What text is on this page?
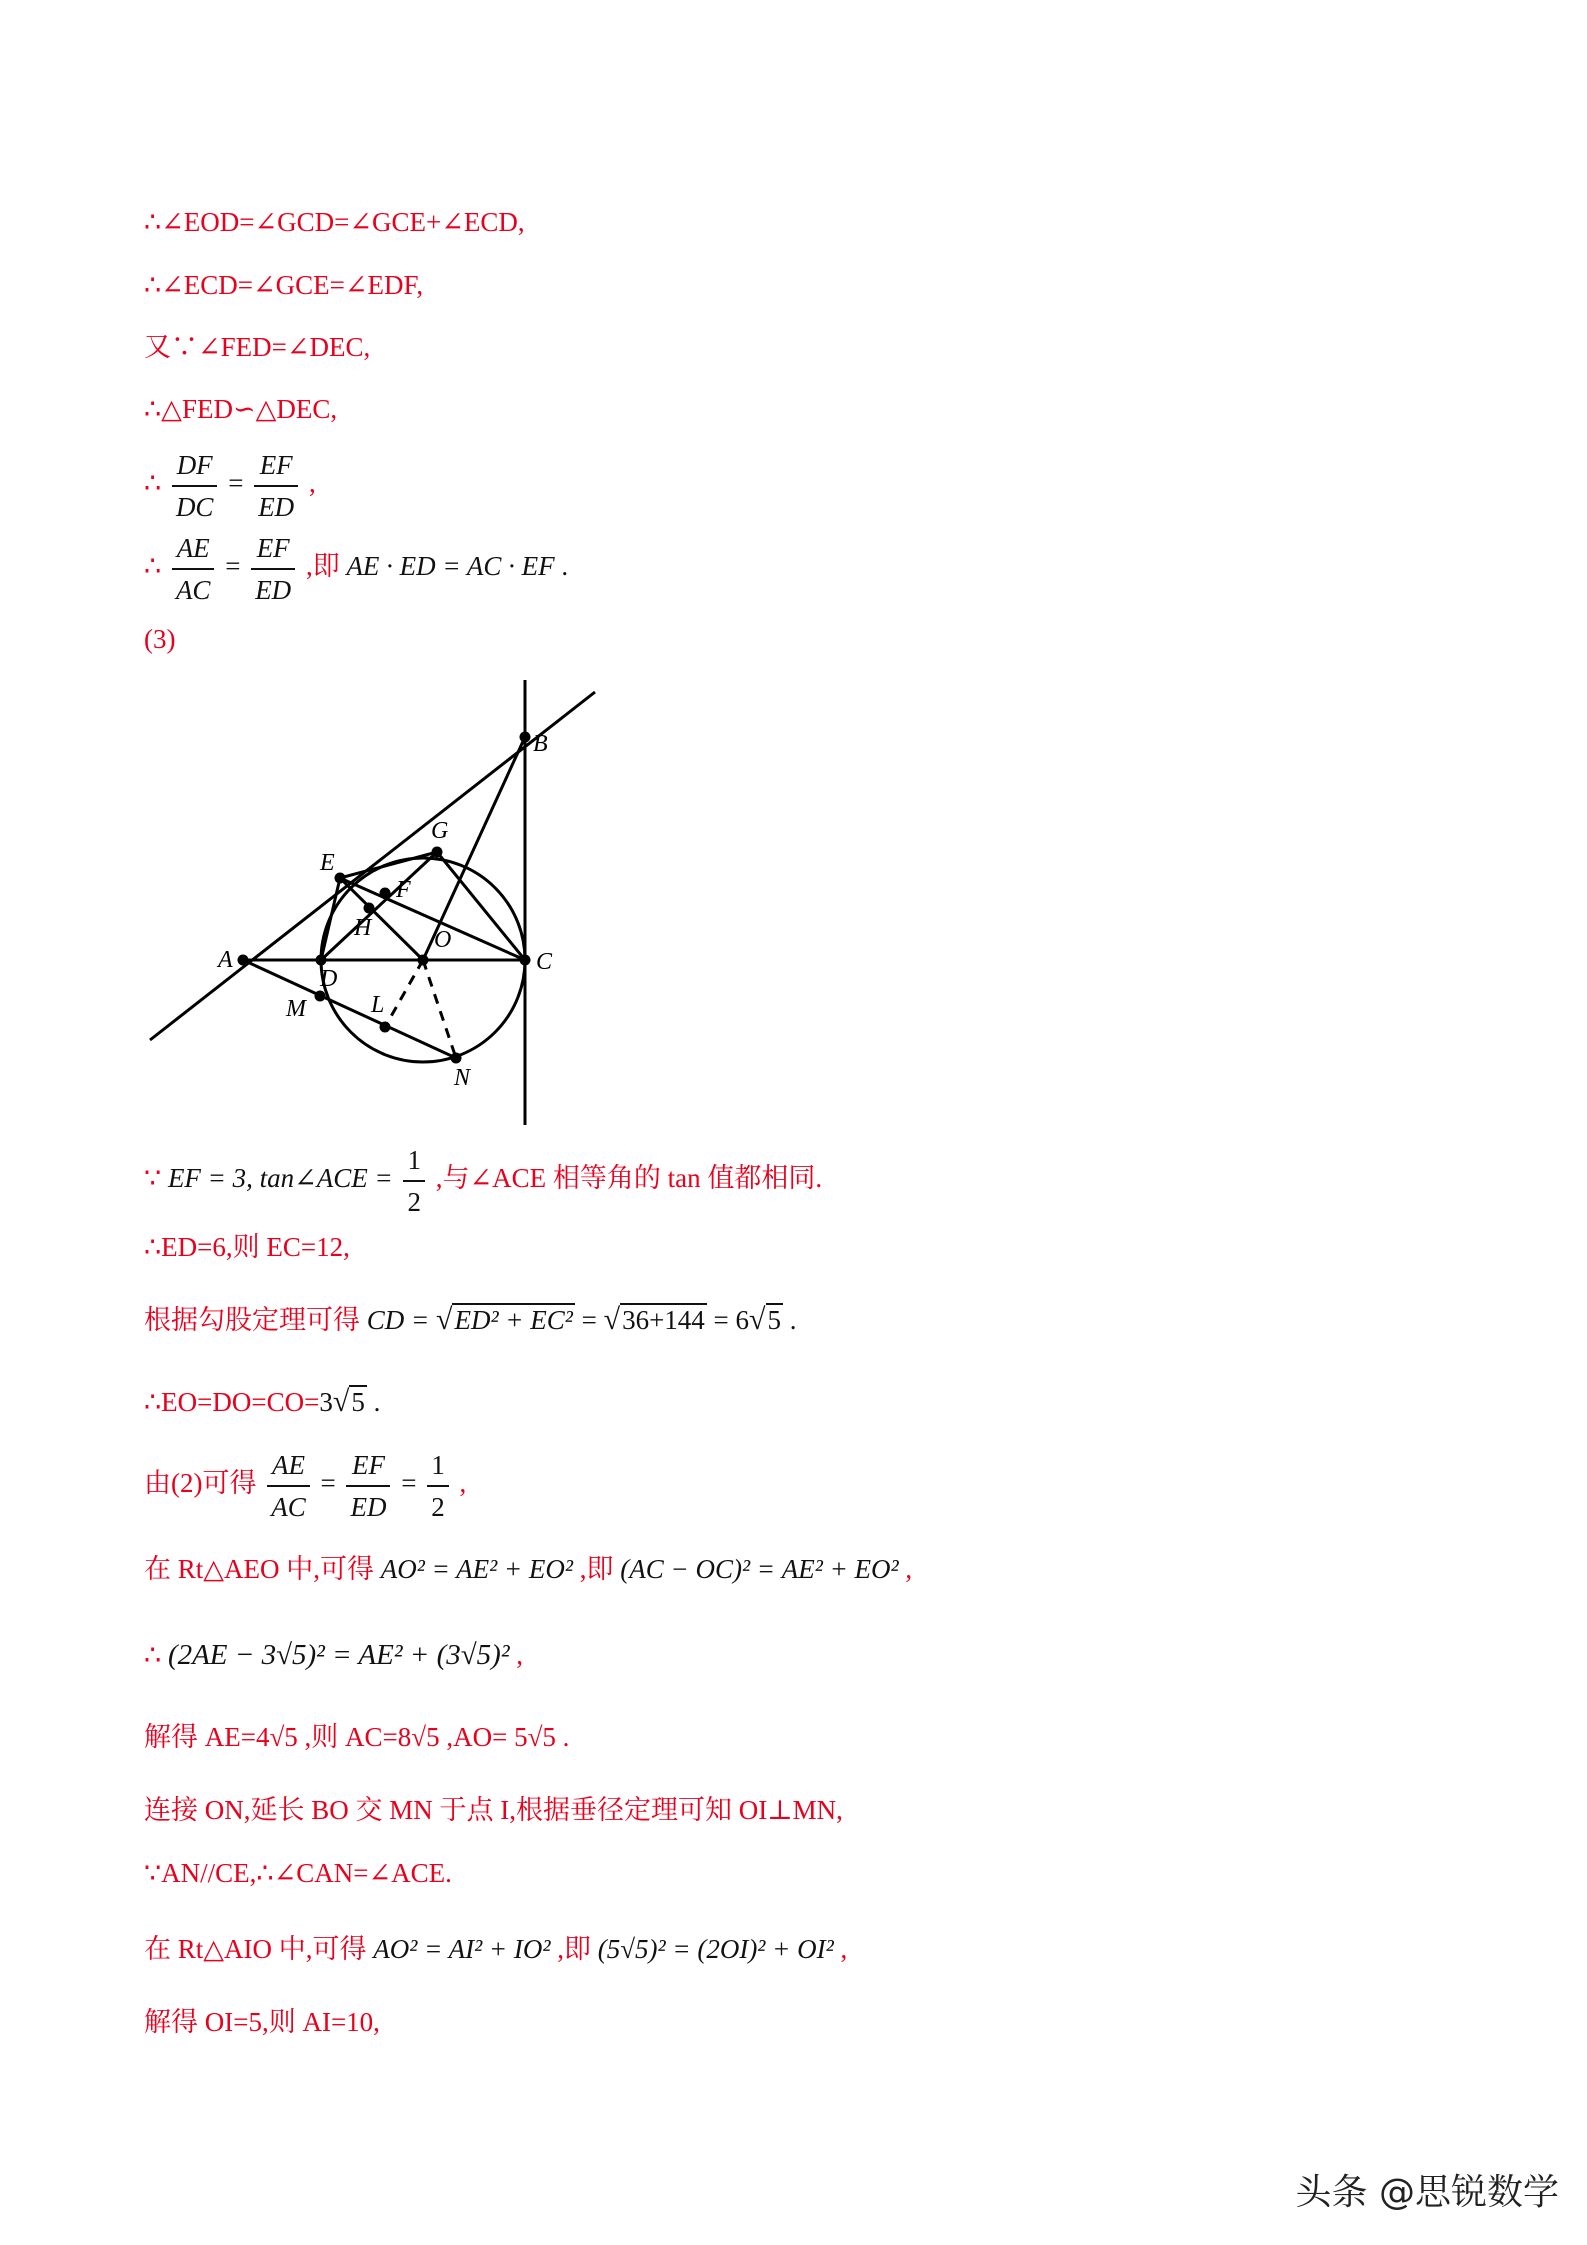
∴∠EOD=∠GCD=∠GCE+∠ECD,
∴∠ECD=∠GCE=∠EDF,
又∵∠FED=∠DEC,
∴△FED∽△DEC,
∴ $\frac{DF}{DC} = \frac{EF}{ED}$ ,
∴ $\frac{AE}{AC} = \frac{EF}{ED}$ ,即 AE · ED = AC · EF .
(3)
A
B
C
D
E
F
G
H	O
L
M
N
∵ EF = 3, tan∠ACE = $\frac{1}{2}$ ,与∠ACE 相等角的 tan 值都相同.
∴ED=6,则 EC=12,
根据勾股定理可得 CD = √ED² + EC² = √36+144 = 6√5 .
∴EO=DO=CO=3√5 .
由(2)可得 $\frac{AE}{AC} = \frac{EF}{ED} = \frac{1}{2}$ ,
在 Rt△AEO 中,可得 AO² = AE² + EO² ,即 (AC − OC)² = AE² + EO² ,
∴ (2AE − 3√5)² = AE² + (3√5)² ,
解得 AE=4√5 ,则 AC=8√5 ,AO= 5√5 .
连接 ON,延长 BO 交 MN 于点 I,根据垂径定理可知 OI⊥MN,
∵AN//CE,∴∠CAN=∠ACE.
在 Rt△AIO 中,可得 AO² = AI² + IO² ,即 (5√5)² = (2OI)² + OI² ,
解得 OI=5,则 AI=10,
头条 @思锐数学
